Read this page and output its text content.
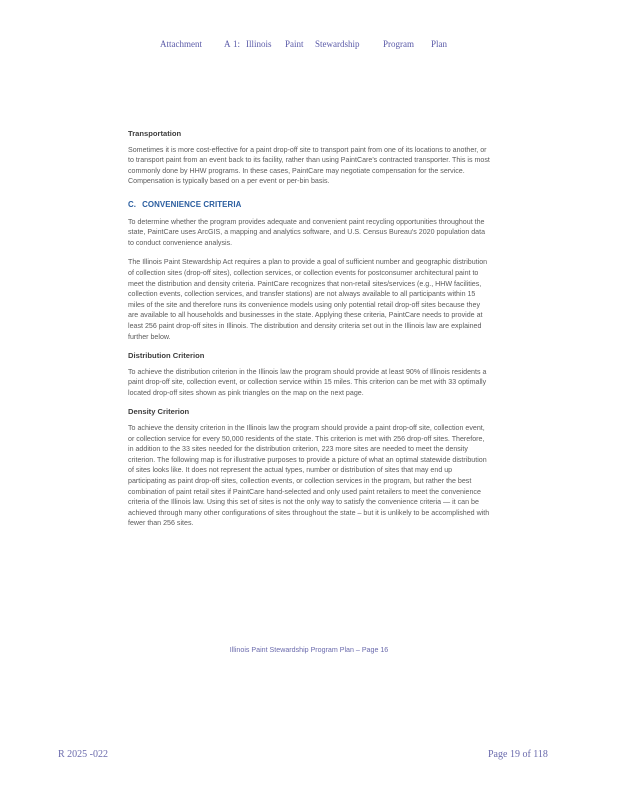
Attachment A 1: Illinois Paint Stewardship	Program Plan
Transportation

Sometimes it is more cost-effective for a paint drop-off site to transport paint from one of its locations to another, or to transport paint from an event back to its facility, rather than using PaintCare's contracted transporter. This is most commonly done by HHW programs. In these cases, PaintCare may negotiate compensation for the service. Compensation is typically based on a per event or per-bin basis.

C. CONVENIENCE CRITERIA

To determine whether the program provides adequate and convenient paint recycling opportunities throughout the state, PaintCare uses ArcGIS, a mapping and analytics software, and U.S. Census Bureau's 2020 population data to conduct convenience analysis.

The Illinois Paint Stewardship Act requires a plan to provide a goal of sufficient number and geographic distribution of collection sites (drop-off sites), collection services, or collection events for postconsumer architectural paint to meet the distribution and density criteria. PaintCare recognizes that non-retail sites/services (e.g., HHW facilities, collection events, collection services, and transfer stations) are not always available to all participants within 15 miles of the site and therefore runs its convenience models using only potential retail drop-off sites because they are available to all households and businesses in the state. Applying these criteria, PaintCare needs to provide at least 256 paint drop-off sites in Illinois. The distribution and density criteria set out in the Illinois law are explained further below.

Distribution Criterion

To achieve the distribution criterion in the Illinois law the program should provide at least 90% of Illinois residents a paint drop-off site, collection event, or collection service within 15 miles. This criterion can be met with 33 optimally located drop-off sites shown as pink triangles on the map on the next page.

Density Criterion

To achieve the density criterion in the Illinois law the program should provide a paint drop-off site, collection event, or collection service for every 50,000 residents of the state. This criterion is met with 256 drop-off sites. Therefore, in addition to the 33 sites needed for the distribution criterion, 223 more sites are needed to meet the density criterion. The following map is for illustrative purposes to provide a picture of what an optimal statewide distribution of sites looks like. It does not represent the actual types, number or distribution of sites that may end up participating as paint drop-off sites, collection events, or collection services in the program, but rather the best combination of paint retail sites if PaintCare hand-selected and only used paint retailers to meet the convenience criteria of the Illinois law. Using this set of sites is not the only way to satisfy the convenience criteria — it can be achieved through many other configurations of sites throughout the state – but it is unlikely to be accomplished with fewer than 256 sites.

Illinois Paint Stewardship Program Plan – Page 16
R 2025 -022	Page 19 of 118
